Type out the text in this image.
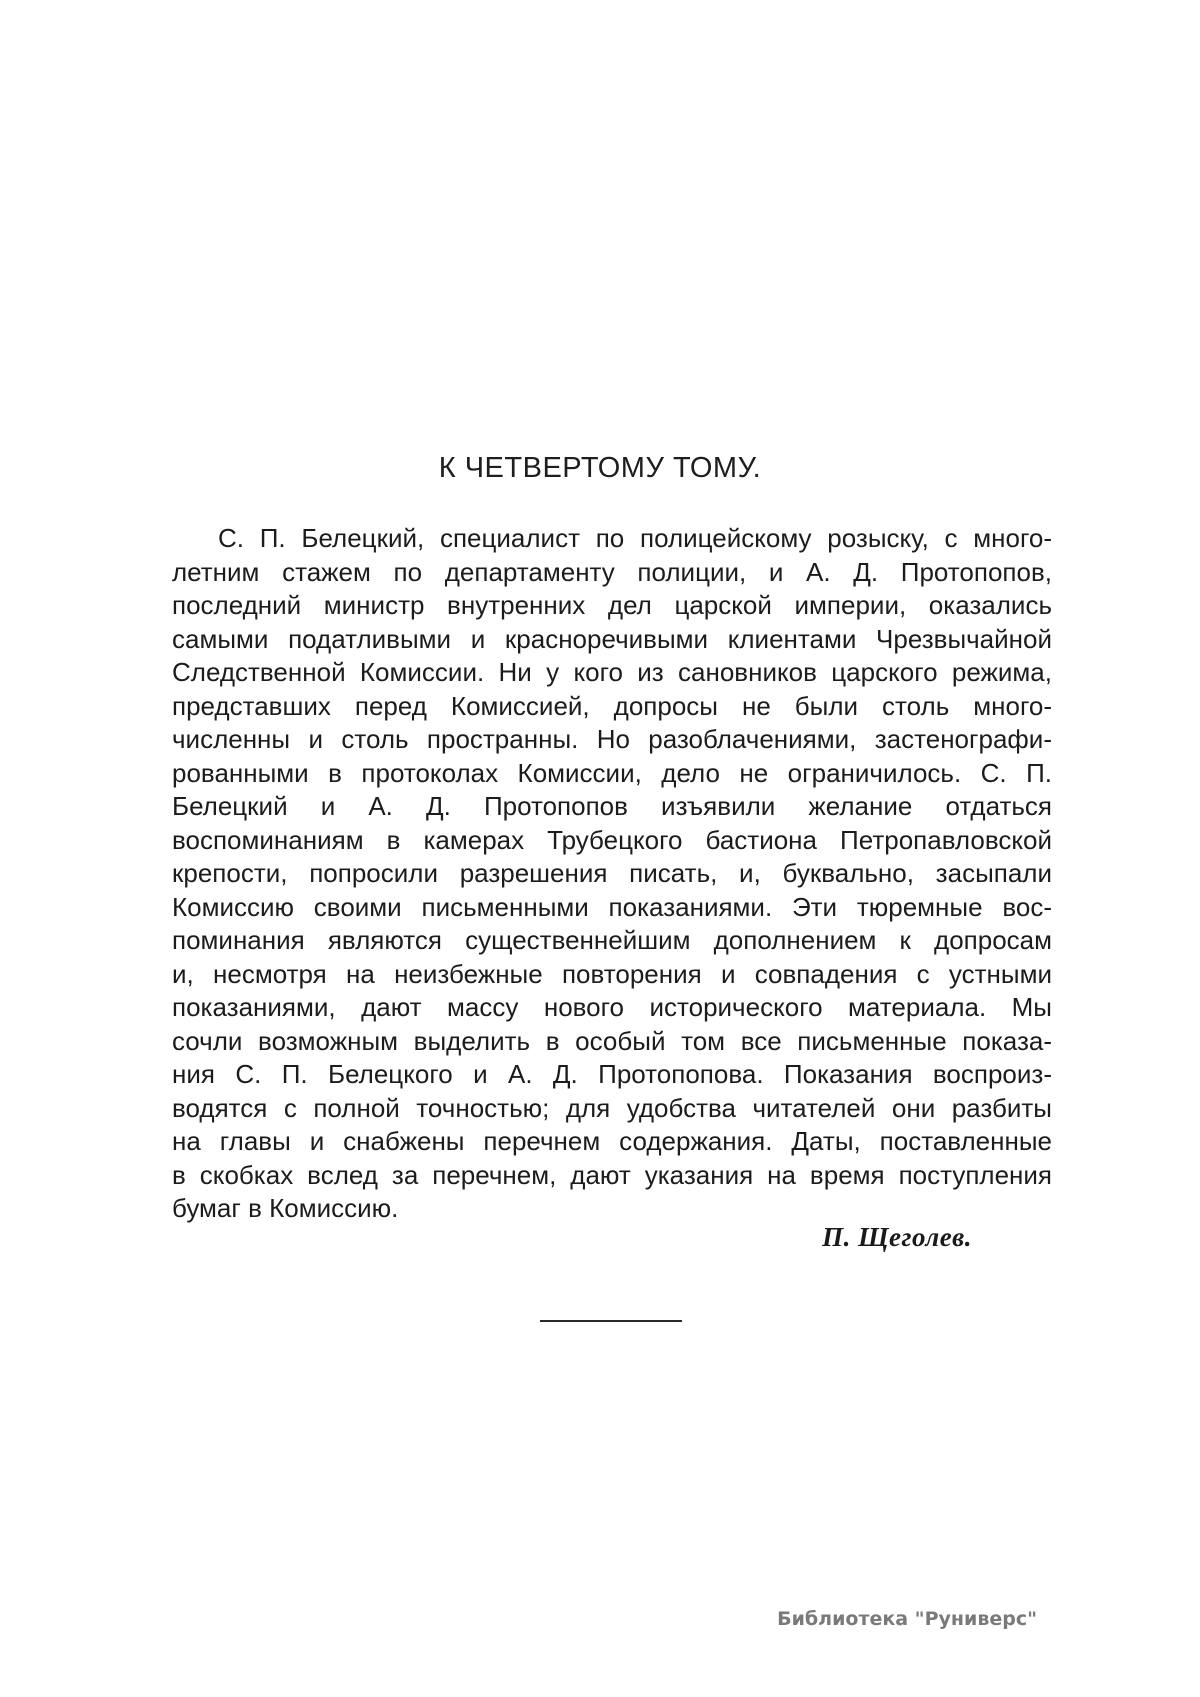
К ЧЕТВЕРТОМУ ТОМУ.
С. П. Белецкий, специалист по полицейскому розыску, с много-
летним стажем по департаменту полиции, и А. Д. Протопопов,
последний министр внутренних дел царской империи, оказались
самыми податливыми и красноречивыми клиентами Чрезвычайной
Следственной Комиссии. Ни у кого из сановников царского режима,
представших перед Комиссией, допросы не были столь много-
численны и столь пространны. Но разоблачениями, застенографи-
рованными в протоколах Комиссии, дело не ограничилось. С. П.
Белецкий и А. Д. Протопопов изъявили желание отдаться
воспоминаниям в камерах Трубецкого бастиона Петропавловской
крепости, попросили разрешения писать, и, буквально, засыпали
Комиссию своими письменными показаниями. Эти тюремные вос-
поминания являются существеннейшим дополнением к допросам
и, несмотря на неизбежные повторения и совпадения с устными
показаниями, дают массу нового исторического материала. Мы
сочли возможным выделить в особый том все письменные показа-
ния С. П. Белецкого и А. Д. Протопопова. Показания воспроиз-
водятся с полной точностью; для удобства читателей они разбиты
на главы и снабжены перечнем содержания. Даты, поставленные
в скобках вслед за перечнем, дают указания на время поступления
бумаг в Комиссию.
П. Щеголев.
Библиотека "Руниверс"
